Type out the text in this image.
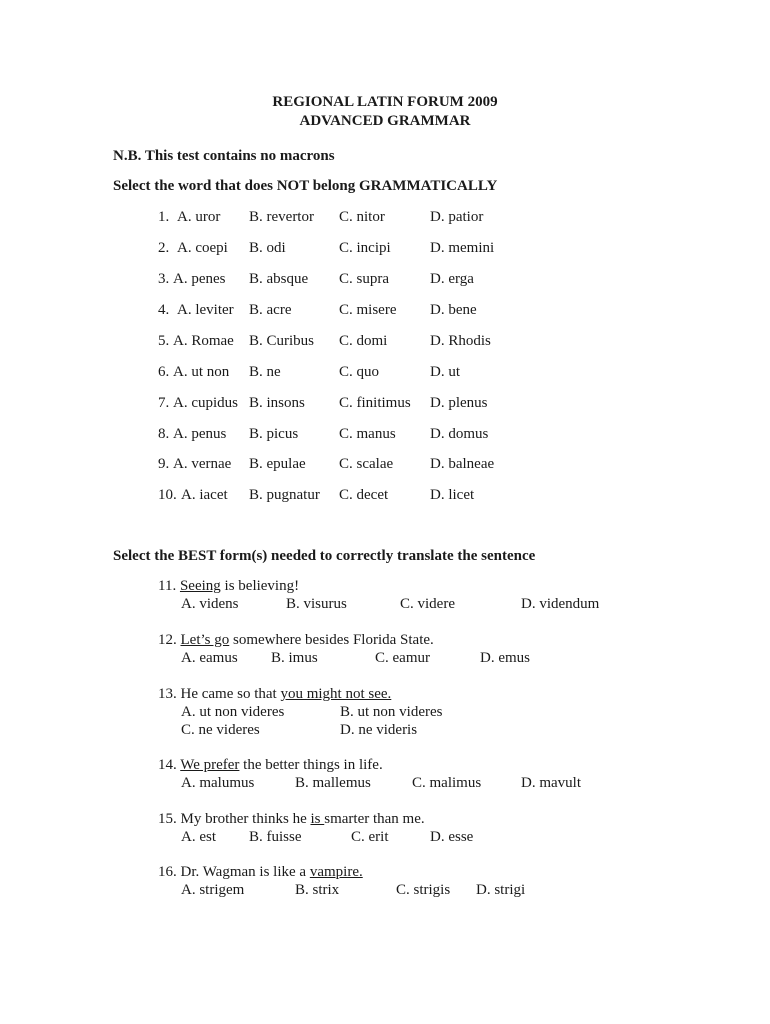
REGIONAL LATIN FORUM 2009
ADVANCED GRAMMAR
N.B. This test contains no macrons
Select the word that does NOT belong GRAMMATICALLY
1. A. uror B. revertor C. nitor	D. patior
2. A. coepi B. odi	C. incipi	D. memini
3. A. penes B. absque C. supra	D. erga
4. A. leviter B. acre	C. misere D. bene
5. A. Romae B. Curibus C. domi	D. Rhodis
6. A. ut non B. ne	C. quo	D. ut
7. A. cupidus B. insons C. finitimus D. plenus
8. A. penus B. picus	C. manus D. domus
9. A. vernae B. epulae C. scalae D. balneae
10. A. iacet B. pugnatur C. decet	D. licet
Select the BEST form(s) needed to correctly translate the sentence
11. Seeing is believing!
A. videns	B. visurus	C. videre	D. videndum
12. Let’s go somewhere besides Florida State.
A. eamus B. imus	C. eamur	D. emus
13. He came so that you might not see.
A. ut non videres	B. ut non videres
C. ne videres	D. ne videris
14. We prefer the better things in life.
A. malumus	B. mallemus	C. malimus	D. mavult
15. My brother thinks he is smarter than me.
A. est B. fuisse	C. erit	D. esse
16. Dr. Wagman is like a vampire.
A. strigem	B. strix	C. strigis D. strigi
